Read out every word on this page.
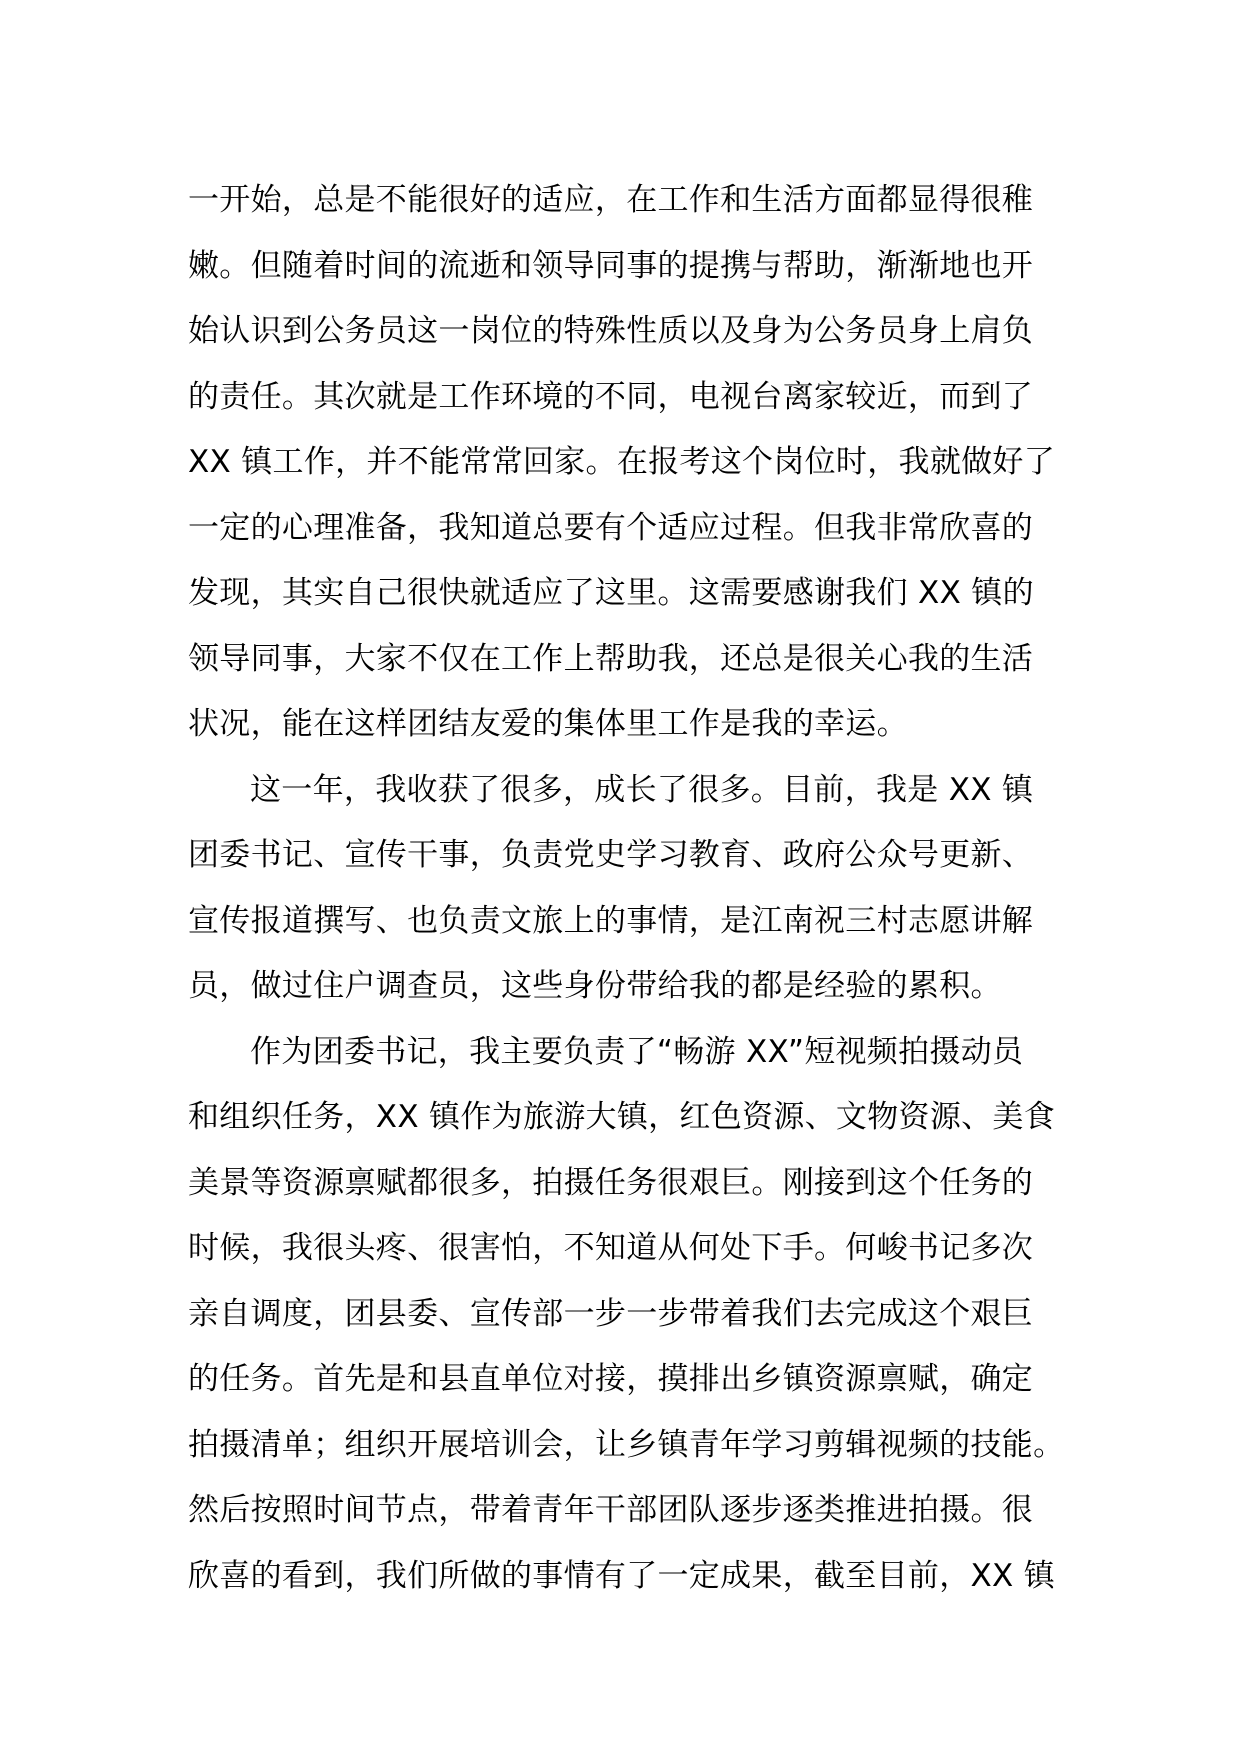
一开始，总是不能很好的适应，在工作和生活方面都显得很稚
嫩。但随着时间的流逝和领导同事的提携与帮助，渐渐地也开
始认识到公务员这一岗位的特殊性质以及身为公务员身上肩负
的责任。其次就是工作环境的不同，电视台离家较近，而到了
XX 镇工作，并不能常常回家。在报考这个岗位时，我就做好了
一定的心理准备，我知道总要有个适应过程。但我非常欣喜的
发现，其实自己很快就适应了这里。这需要感谢我们 XX 镇的
领导同事，大家不仅在工作上帮助我，还总是很关心我的生活
状况，能在这样团结友爱的集体里工作是我的幸运。

这一年，我收获了很多，成长了很多。目前，我是 XX 镇
团委书记、宣传干事，负责党史学习教育、政府公众号更新、
宣传报道撰写、也负责文旅上的事情，是江南祝三村志愿讲解
员，做过住户调查员，这些身份带给我的都是经验的累积。

作为团委书记，我主要负责了“畅游 XX”短视频拍摄动员
和组织任务，XX 镇作为旅游大镇，红色资源、文物资源、美食
美景等资源禀赋都很多，拍摄任务很艰巨。刚接到这个任务的
时候，我很头疼、很害怕，不知道从何处下手。何峻书记多次
亲自调度，团县委、宣传部一步一步带着我们去完成这个艰巨
的任务。首先是和县直单位对接，摸排出乡镇资源禀赋，确定
拍摄清单；组织开展培训会，让乡镇青年学习剪辑视频的技能。
然后按照时间节点，带着青年干部团队逐步逐类推进拍摄。很
欣喜的看到，我们所做的事情有了一定成果，截至目前，XX 镇
